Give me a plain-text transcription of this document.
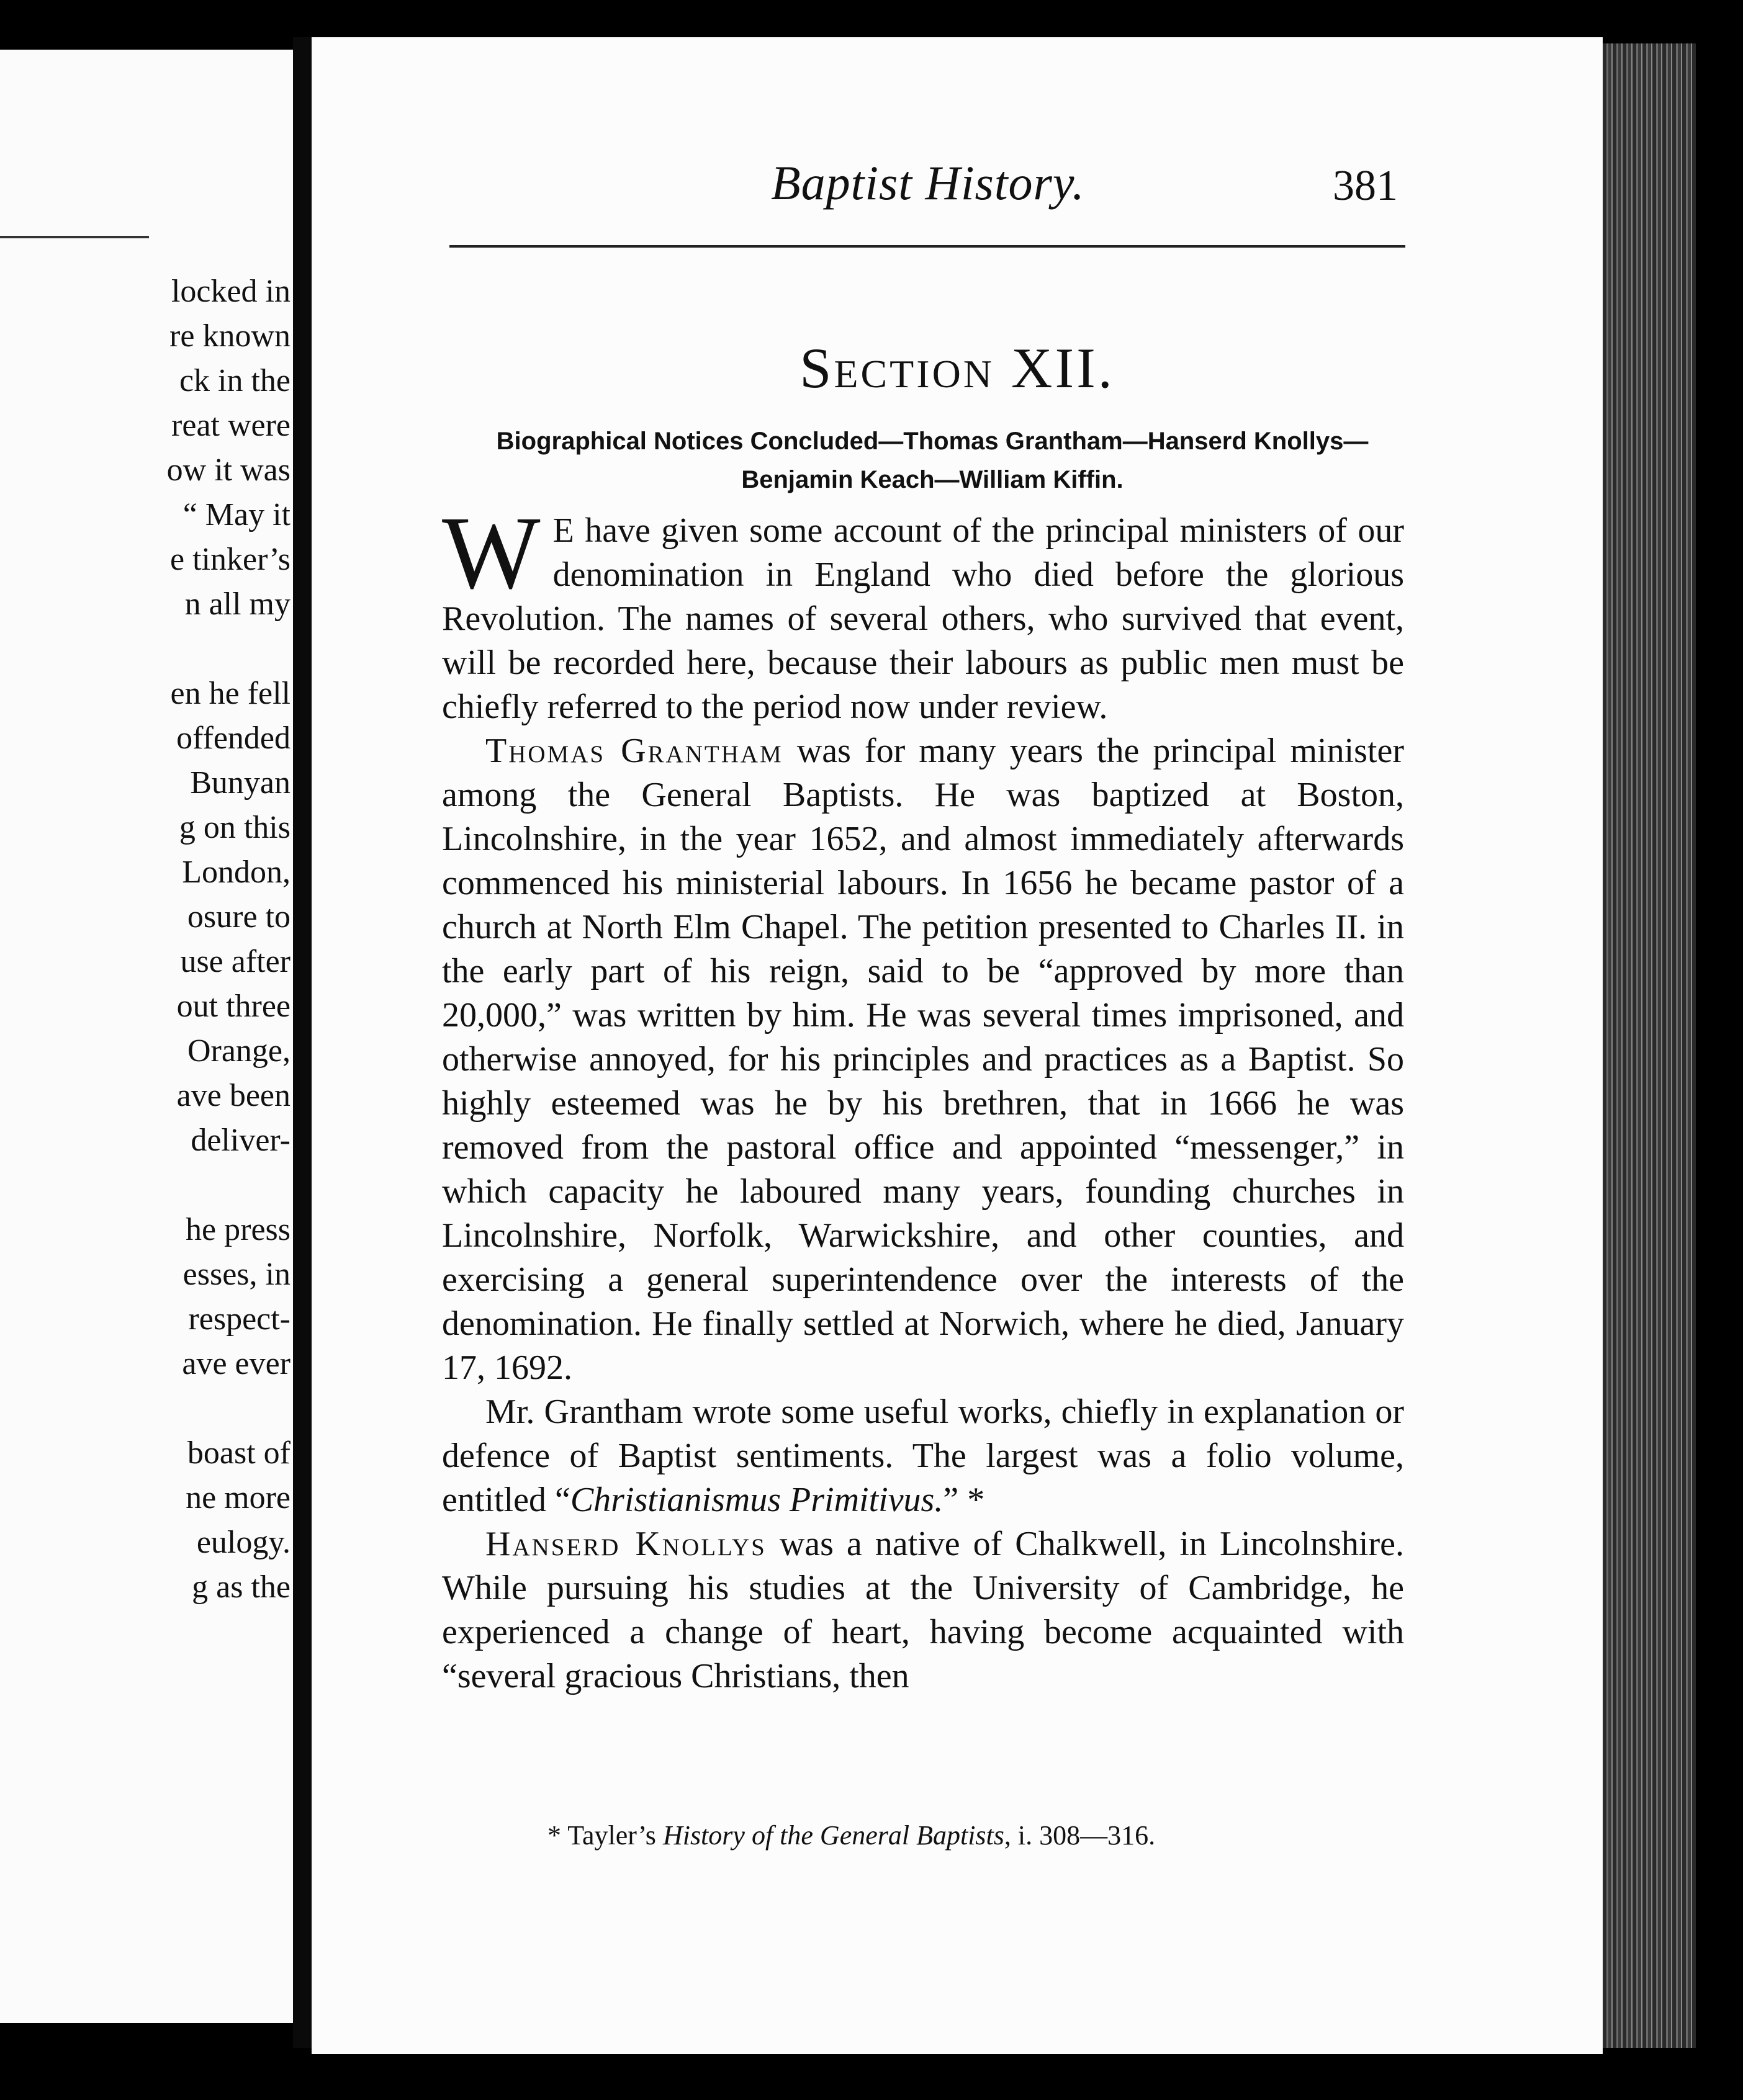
locked in
re known
ck in the
reat were
ow it was
“ May it
e tinker’s
n all my
en he fell
offended
Bunyan
g on this
London,
osure to
use after
out three
Orange,
ave been
deliver-
he press
esses, in
respect-
ave ever
boast of
ne more
eulogy.
g as the
Baptist History.	381
Section XII.
Biographical Notices Concluded—Thomas Grantham—Hanserd Knollys—
Benjamin Keach—William Kiffin.

W E have given some account of the principal ministers of our denomination in England who died before the glorious Revolution. The names of several others, who survived that event, will be recorded here, because their labours as public men must be chiefly referred to the period now under review.

Thomas Grantham was for many years the principal minister among the General Baptists. He was baptized at Boston, Lincolnshire, in the year 1652, and almost immediately afterwards commenced his ministerial labours. In 1656 he became pastor of a church at North Elm Chapel. The petition presented to Charles II. in the early part of his reign, said to be “approved by more than 20,000,” was written by him. He was several times imprisoned, and otherwise annoyed, for his principles and practices as a Baptist. So highly esteemed was he by his brethren, that in 1666 he was removed from the pastoral office and appointed “messenger,” in which capacity he laboured many years, founding churches in Lincolnshire, Norfolk, Warwickshire, and other counties, and exercising a general superintendence over the interests of the denomination. He finally settled at Norwich, where he died, January 17, 1692.

Mr. Grantham wrote some useful works, chiefly in explanation or defence of Baptist sentiments. The largest was a folio volume, entitled “Christianismus Primitivus.” *

Hanserd Knollys was a native of Chalkwell, in Lincolnshire. While pursuing his studies at the University of Cambridge, he experienced a change of heart, having become acquainted with “several gracious Christians, then

* Tayler’s History of the General Baptists, i. 308—316.
